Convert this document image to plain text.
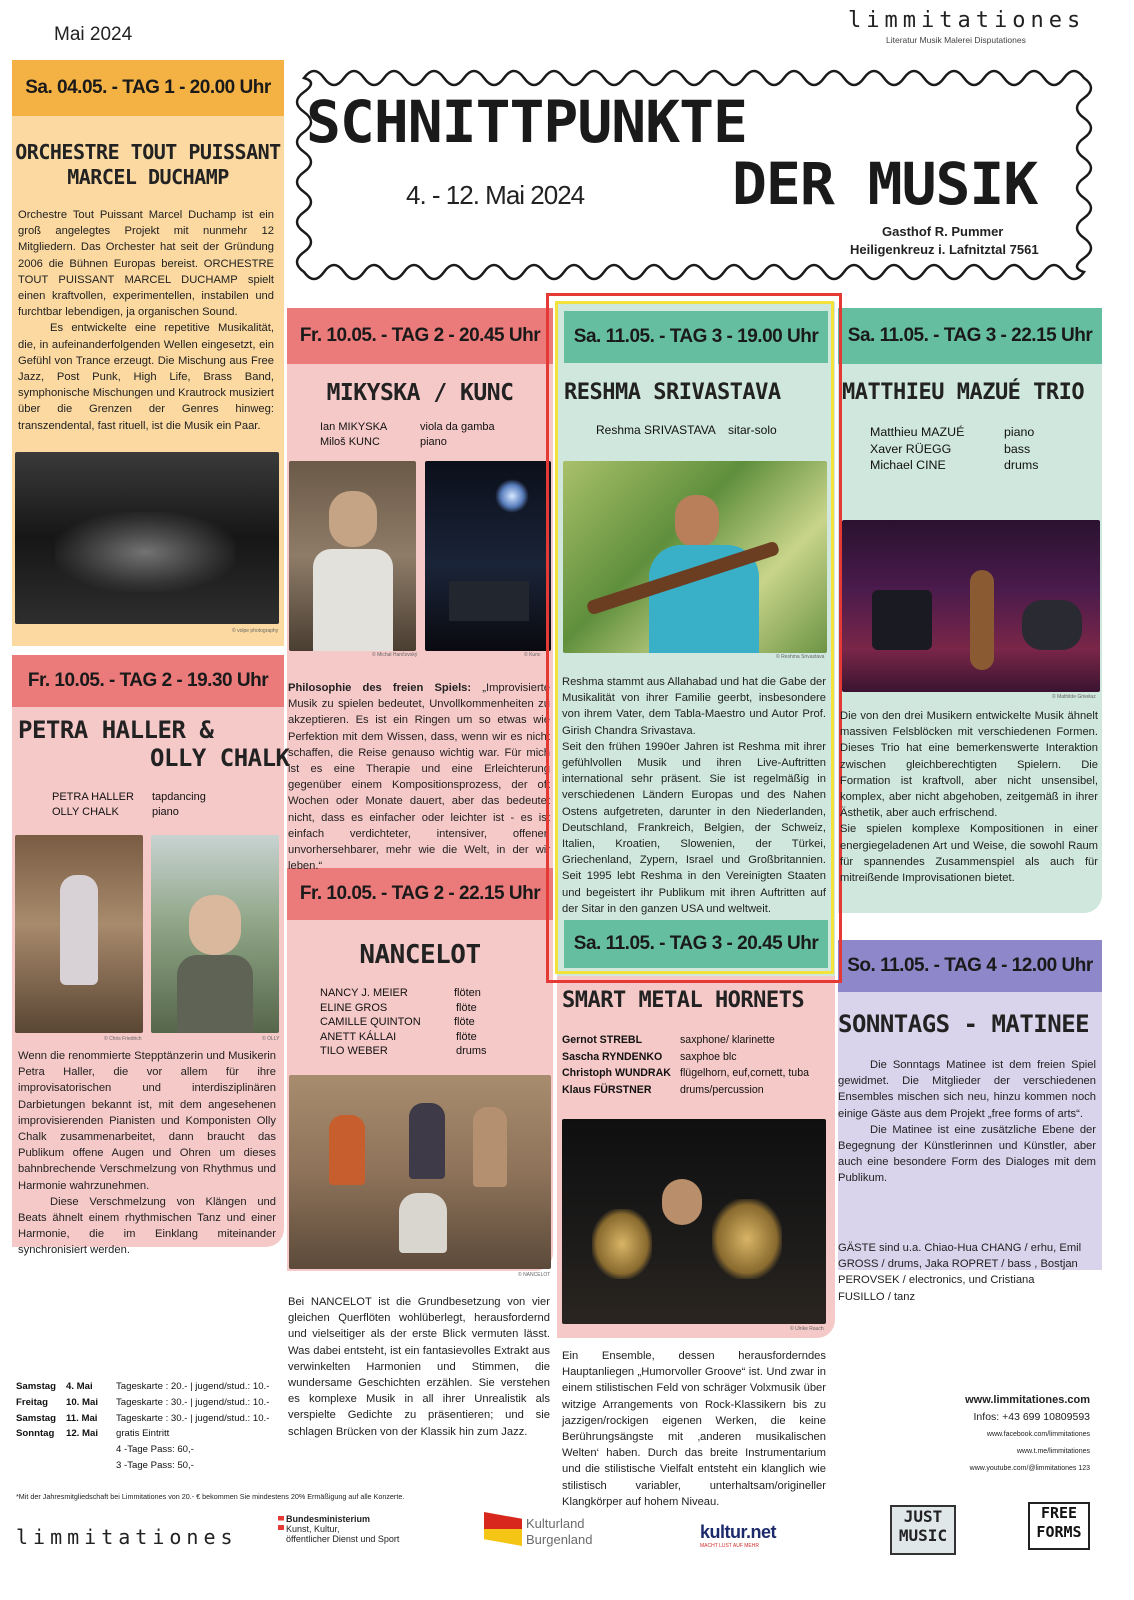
Mai 2024
limmitationes
Literatur Musik Malerei Disputationes
SCHNITTPUNKTE
DER MUSIK
4. - 12. Mai 2024
Gasthof R. Pummer
Heiligenkreuz i. Lafnitztal 7561
Sa. 04.05. - TAG 1 - 20.00 Uhr
ORCHESTRE TOUT PUISSANT MARCEL DUCHAMP

Orchestre Tout Puissant Marcel Duchamp ist ein groß angelegtes Projekt mit nunmehr 12 Mitgliedern. Das Orchester hat seit der Gründung 2006 die Bühnen Europas bereist. ORCHESTRE TOUT PUISSANT MARCEL DUCHAMP spielt einen kraftvollen, experimentellen, instabilen und furchtbar lebendigen, ja organischen Sound.

Es entwickelte eine repetitive Musikalität, die, in aufeinanderfolgenden Wellen eingesetzt, ein Gefühl von Trance erzeugt. Die Mischung aus Free Jazz, Post Punk, High Life, Brass Band, symphonische Mischungen und Krautrock musiziert über die Grenzen der Genres hinweg: transzendental, fast rituell, ist die Musik ein Paar.

© volpe photography
Fr. 10.05. - TAG 2 - 19.30 Uhr
PETRA HALLER &
OLLY CHALK
PETRA HALLER	tapdancing
OLLY CHALK	piano
© Chris Friedrich	© OLLY

Wenn die renommierte Stepptänzerin und Musikerin Petra Haller, die vor allem für ihre improvisatorischen und interdisziplinären Darbietungen bekannt ist, mit dem angesehenen improvisierenden Pianisten und Komponisten Olly Chalk zusammenarbeitet, dann braucht das Publikum offene Augen und Ohren um dieses bahnbrechende Verschmelzung von Rhythmus und Harmonie wahrzunehmen.

Diese Verschmelzung von Klängen und Beats ähnelt einem rhythmischen Tanz und einer Harmonie, die im Einklang miteinander synchronisiert werden.

Fr. 10.05. - TAG 2 - 20.45 Uhr
MIKYSKA / KUNC
Ian MIKYSKA	viola da gamba
Miloš KUNC	piano
© Michal Hančovský	© Kunc

Philosophie des freien Spiels: „Improvisierte Musik zu spielen bedeutet, Unvollkommenheiten zu akzeptieren. Es ist ein Ringen um so etwas wie Perfektion mit dem Wissen, dass, wenn wir es nicht schaffen, die Reise genauso wichtig war. Für mich ist es eine Therapie und eine Erleichterung gegenüber einem Kompositionsprozess, der oft Wochen oder Monate dauert, aber das bedeutet nicht, dass es einfacher oder leichter ist - es ist einfach verdichteter, intensiver, offener, unvorhersehbarer, mehr wie die Welt, in der wir leben.“

Fr. 10.05. - TAG 2 - 22.15 Uhr
NANCELOT
NANCY J. MEIER	flöten
ELINE GROS	flöte
CAMILLE QUINTON	flöte
ANETT KÁLLAI	flöte
TILO WEBER	drums
© NANCELOT

Bei NANCELOT ist die Grundbesetzung von vier gleichen Querflöten wohlüberlegt, herausfordernd und vielseitiger als der erste Blick vermuten lässt. Was dabei entsteht, ist ein fantasievolles Extrakt aus verwinkelten Harmonien und Stimmen, die wundersame Geschichten erzählen. Sie verstehen es komplexe Musik in all ihrer Unrealistik als verspielte Gedichte zu präsentieren; und sie schlagen Brücken von der Klassik hin zum Jazz.

Sa. 11.05. - TAG 3 - 19.00 Uhr
RESHMA SRIVASTAVA
Reshma SRIVASTAVA	sitar-solo
© Reshma Srivastava

Reshma stammt aus Allahabad und hat die Gabe der Musikalität von ihrer Familie geerbt, insbesondere von ihrem Vater, dem Tabla-Maestro und Autor Prof. Girish Chandra Srivastava.

Seit den frühen 1990er Jahren ist Reshma mit ihrer gefühlvollen Musik und ihren Live-Auftritten international sehr präsent. Sie ist regelmäßig in verschiedenen Ländern Europas und des Nahen Ostens aufgetreten, darunter in den Niederlanden, Deutschland, Frankreich, Belgien, der Schweiz, Italien, Kroatien, Slowenien, der Türkei, Griechenland, Zypern, Israel und Großbritannien. Seit 1995 lebt Reshma in den Vereinigten Staaten und begeistert ihr Publikum mit ihren Auftritten auf der Sitar in den ganzen USA und weltweit.

Sa. 11.05. - TAG 3 - 20.45 Uhr
SMART METAL HORNETS
Gernot STREBL	saxphone/ klarinette
Sascha RYNDENKO	saxphoe blc
Christoph WUNDRAK flügelhorn, euf,cornett, tuba
Klaus FÜRSTNER	drums/percussion
© Ulrike Rauch

Ein Ensemble, dessen herausforderndes Hauptanliegen „Humorvoller Groove“ ist. Und zwar in einem stilistischen Feld von schräger Volxmusik über witzige Arrangements von Rock-Klassikern bis zu jazzigen/rockigen eigenen Werken, die keine Berührungsängste mit ‚anderen musikalischen Welten‘ haben. Durch das breite Instrumentarium und die stilistische Vielfalt entsteht ein klanglich wie stilistisch variabler, unterhaltsam/origineller Klangkörper auf hohem Niveau.

Sa. 11.05. - TAG 3 - 22.15 Uhr
MATTHIEU MAZUÉ TRIO
Matthieu MAZUÉ	piano
Xaver RÜEGG	bass
Michael CINE	drums
© Mathilde Grivelaz

Die von den drei Musikern entwickelte Musik ähnelt massiven Felsblöcken mit verschiedenen Formen. Dieses Trio hat eine bemerkenswerte Interaktion zwischen gleichberechtigten Spielern. Die Formation ist kraftvoll, aber nicht unsensibel, komplex, aber nicht abgehoben, zeitgemäß in ihrer Ästhetik, aber auch erfrischend.

Sie spielen komplexe Kompositionen in einer energiegeladenen Art und Weise, die sowohl Raum für spannendes Zusammenspiel als auch für mitreißende Improvisationen bietet.

So. 11.05. - TAG 4 - 12.00 Uhr
SONNTAGS - MATINEE

Die Sonntags Matinee ist dem freien Spiel gewidmet. Die Mitglieder der verschiedenen Ensembles mischen sich neu, hinzu kommen noch einige Gäste aus dem Projekt „free forms of arts“.

Die Matinee ist eine zusätzliche Ebene der Begegnung der Künstlerinnen und Künstler, aber auch eine besondere Form des Dialoges mit dem Publikum.

GÄSTE sind u.a. Chiao-Hua CHANG / erhu, Emil GROSS / drums, Jaka ROPRET / bass , Bostjan PEROVSEK / electronics, und Cristiana FUSILLO / tanz

Samstag	4. Mai	Tageskarte : 20.- | jugend/stud.: 10.-
Freitag	10. Mai	Tageskarte : 30.- | jugend/stud.: 10.-
Samstag	11. Mai	Tageskarte : 30.- | jugend/stud.: 10.-
Sonntag	12. Mai	gratis Eintritt
4 -Tage Pass: 60,-
3 -Tage Pass: 50,-
*Mit der Jahresmitgliedschaft bei Limmitationes von 20.- € bekommen Sie mindestens 20% Ermäßigung auf alle Konzerte.
www.limmitationes.com
Infos: +43 699 10809593
www.facebook.com/limmitationes
www.t.me/limmitationes
www.youtube.com/@limmitationes 123
limmitationes
Bundesministerium
Kunst, Kultur,
öffentlicher Dienst und Sport
Kulturland
Burgenland	kultur.net
MACHT LUST AUF MEHR
JUST
MUSIC
FREE
FORMS
